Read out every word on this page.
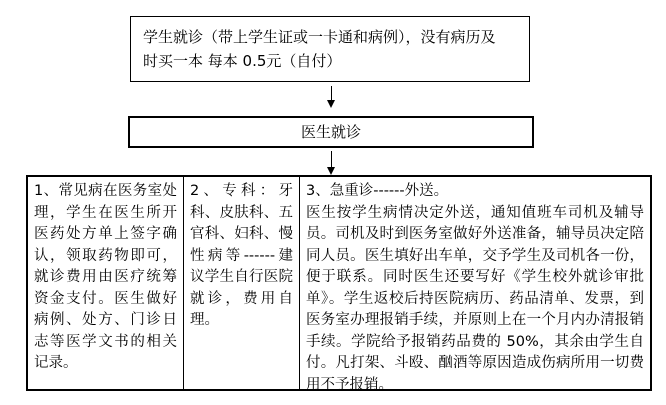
学生就诊（带上学生证或一卡通和病例），没有病历及
时买一本 每本 0.5元（自付）
医生就诊
1、常见病在医务室处理，学生在医生所开医药处方单上签字确认，领取药物即可，就诊费用由医疗统筹资金支付。医生做好病例、处方、门诊日志等医学文书的相关记录。
2、专科：牙科、皮肤科、五官科、妇科、慢性病等------建议学生自行医院就诊，费用自理。
3、急重诊------外送。
医生按学生病情决定外送，通知值班车司机及辅导员。司机及时到医务室做好外送准备，辅导员决定陪同人员。医生填好出车单，交予学生及司机各一份，便于联系。同时医生还要写好《学生校外就诊审批单》。学生返校后持医院病历、药品清单、发票，到医务室办理报销手续，并原则上在一个月内办清报销手续。学院给予报销药品费的 50%，其余由学生自付。凡打架、斗殴、酗酒等原因造成伤病所用一切费用不予报销。
